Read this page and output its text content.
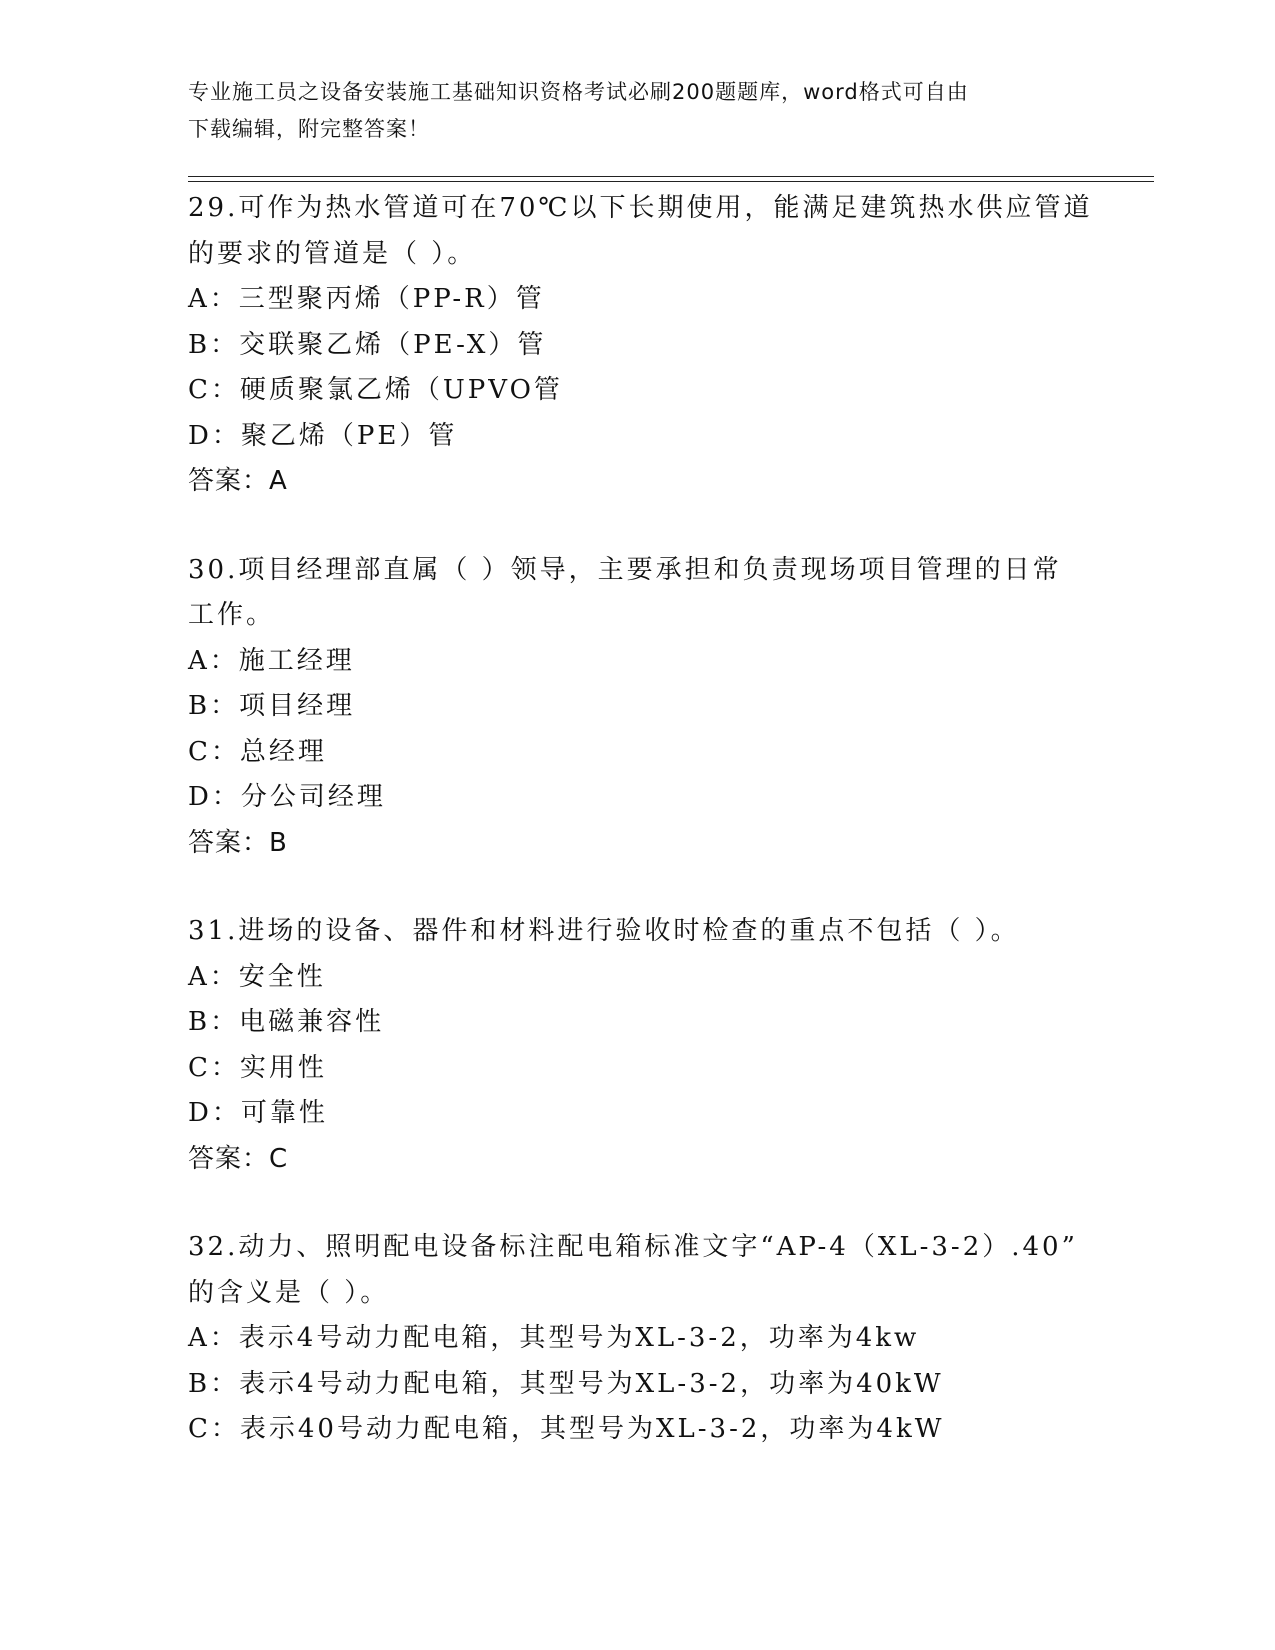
专业施工员之设备安装施工基础知识资格考试必刷200题题库，word格式可自由
下载编辑，附完整答案！
29.可作为热水管道可在70℃以下长期使用，能满足建筑热水供应管道
的要求的管道是（ ）。
A：三型聚丙烯（PP-R）管
B：交联聚乙烯（PE-X）管
C：硬质聚氯乙烯（UPVO管
D：聚乙烯（PE）管
答案：A
30.项目经理部直属（ ）领导，主要承担和负责现场项目管理的日常
工作。
A：施工经理
B：项目经理
C：总经理
D：分公司经理
答案：B
31.进场的设备、器件和材料进行验收时检查的重点不包括（ ）。
A：安全性
B：电磁兼容性
C：实用性
D：可靠性
答案：C
32.动力、照明配电设备标注配电箱标准文字“AP-4（XL-3-2）.40”
的含义是（ ）。
A：表示4号动力配电箱，其型号为XL-3-2，功率为4kw
B：表示4号动力配电箱，其型号为XL-3-2，功率为40kW
C：表示40号动力配电箱，其型号为XL-3-2，功率为4kW
